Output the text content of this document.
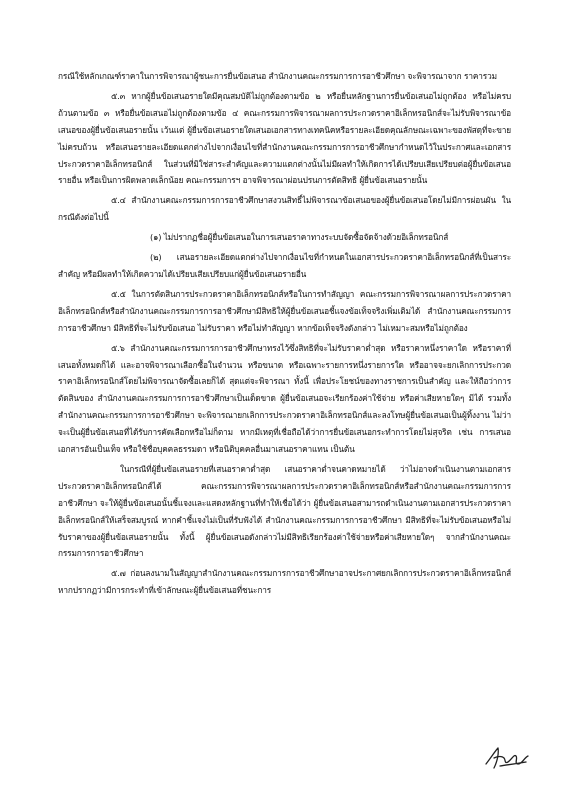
กรณีใช้หลักเกณฑ์ราคาในการพิจารณาผู้ชนะการยื่นข้อเสนอ สำนักงานคณะกรรมการการอาชีวศึกษา จะพิจารณาจาก ราคารวม

๕.๓ หากผู้ยื่นข้อเสนอรายใดมีคุณสมบัติไม่ถูกต้องตามข้อ ๒ หรือยื่นหลักฐานการยื่นข้อเสนอไม่ถูกต้อง หรือไม่ครบถ้วนตามข้อ ๓ หรือยื่นข้อเสนอไม่ถูกต้องตามข้อ ๔ คณะกรรมการพิจารณาผลการประกวดราคาอิเล็กทรอนิกส์จะไม่รับพิจารณาข้อเสนอของผู้ยื่นข้อเสนอรายนั้น เว้นแต่ ผู้ยื่นข้อเสนอรายใดเสนอเอกสารทางเทคนิคหรือรายละเอียดคุณลักษณะเฉพาะของพัสดุที่จะขายไม่ครบถ้วน หรือเสนอรายละเอียดแตกต่างไปจากเงื่อนไขที่สำนักงานคณะกรรมการการอาชีวศึกษากำหนดไว้ในประกาศและเอกสารประกวดราคาอิเล็กทรอนิกส์ ในส่วนที่มิใช่สาระสำคัญและความแตกต่างนั้นไม่มีผลทำให้เกิดการได้เปรียบเสียเปรียบต่อผู้ยื่นข้อเสนอรายอื่น หรือเป็นการผิดพลาดเล็กน้อย คณะกรรมการฯ อาจพิจารณาผ่อนปรนการตัดสิทธิ ผู้ยื่นข้อเสนอรายนั้น

๕.๔ สำนักงานคณะกรรมการการอาชีวศึกษาสงวนสิทธิ์ไม่พิจารณาข้อเสนอของผู้ยื่นข้อเสนอโดยไม่มีการผ่อนผัน ในกรณีดังต่อไปนี้

(๑) ไม่ปรากฏชื่อผู้ยื่นข้อเสนอในการเสนอราคาทางระบบจัดซื้อจัดจ้างด้วยอิเล็กทรอนิกส์

(๒) เสนอรายละเอียดแตกต่างไปจากเงื่อนไขที่กำหนดในเอกสารประกวดราคาอิเล็กทรอนิกส์ที่เป็นสาระสำคัญ หรือมีผลทำให้เกิดความได้เปรียบเสียเปรียบแก่ผู้ยื่นข้อเสนอรายอื่น

๕.๕ ในการตัดสินการประกวดราคาอิเล็กทรอนิกส์หรือในการทำสัญญา คณะกรรมการพิจารณาผลการประกวดราคาอิเล็กทรอนิกส์หรือสำนักงานคณะกรรมการการอาชีวศึกษามีสิทธิให้ผู้ยื่นข้อเสนอชี้แจงข้อเท็จจริงเพิ่มเติมได้ สำนักงานคณะกรรมการการอาชีวศึกษา มีสิทธิที่จะไม่รับข้อเสนอ ไม่รับราคา หรือไม่ทำสัญญา หากข้อเท็จจริงดังกล่าว ไม่เหมาะสมหรือไม่ถูกต้อง

๕.๖ สำนักงานคณะกรรมการการอาชีวศึกษาทรงไว้ซึ่งสิทธิที่จะไม่รับราคาต่ำสุด หรือราคาหนึ่งราคาใด หรือราคาที่เสนอทั้งหมดก็ได้ และอาจพิจารณาเลือกซื้อในจำนวน หรือขนาด หรือเฉพาะรายการหนึ่งรายการใด หรืออาจจะยกเลิกการประกวดราคาอิเล็กทรอนิกส์โดยไม่พิจารณาจัดซื้อเลยก็ได้ สุดแต่จะพิจารณา ทั้งนี้ เพื่อประโยชน์ของทางราชการเป็นสำคัญ และให้ถือว่าการตัดสินของ สำนักงานคณะกรรมการการอาชีวศึกษาเป็นเด็ดขาด ผู้ยื่นข้อเสนอจะเรียกร้องค่าใช้จ่าย หรือค่าเสียหายใดๆ มิได้ รวมทั้งสำนักงานคณะกรรมการการอาชีวศึกษา จะพิจารณายกเลิกการประกวดราคาอิเล็กทรอนิกส์และลงโทษผู้ยื่นข้อเสนอเป็นผู้ทิ้งงาน ไม่ว่าจะเป็นผู้ยื่นข้อเสนอที่ได้รับการคัดเลือกหรือไม่ก็ตาม หากมีเหตุที่เชื่อถือได้ว่าการยื่นข้อเสนอกระทำการโดยไม่สุจริต เช่น การเสนอเอกสารอันเป็นเท็จ หรือใช้ชื่อบุคคลธรรมดา หรือนิติบุคคลอื่นมาเสนอราคาแทน เป็นต้น

ในกรณีที่ผู้ยื่นข้อเสนอรายที่เสนอราคาต่ำสุด เสนอราคาต่ำจนคาดหมายได้ ว่าไม่อาจดำเนินงานตามเอกสารประกวดราคาอิเล็กทรอนิกส์ได้ คณะกรรมการพิจารณาผลการประกวดราคาอิเล็กทรอนิกส์หรือสำนักงานคณะกรรมการการอาชีวศึกษา จะให้ผู้ยื่นข้อเสนอนั้นชี้แจงและแสดงหลักฐานที่ทำให้เชื่อได้ว่า ผู้ยื่นข้อเสนอสามารถดำเนินงานตามเอกสารประกวดราคาอิเล็กทรอนิกส์ให้เสร็จสมบูรณ์ หากคำชี้แจงไม่เป็นที่รับฟังได้ สำนักงานคณะกรรมการการอาชีวศึกษา มีสิทธิที่จะไม่รับข้อเสนอหรือไม่รับราคาของผู้ยื่นข้อเสนอรายนั้น ทั้งนี้ ผู้ยื่นข้อเสนอดังกล่าวไม่มีสิทธิเรียกร้องค่าใช้จ่ายหรือค่าเสียหายใดๆ จากสำนักงานคณะกรรมการการอาชีวศึกษา

๕.๗ ก่อนลงนามในสัญญาสำนักงานคณะกรรมการการอาชีวศึกษาอาจประกาศยกเลิกการประกวดราคาอิเล็กทรอนิกส์ หากปรากฏว่ามีการกระทำที่เข้าลักษณะผู้ยื่นข้อเสนอที่ชนะการ
